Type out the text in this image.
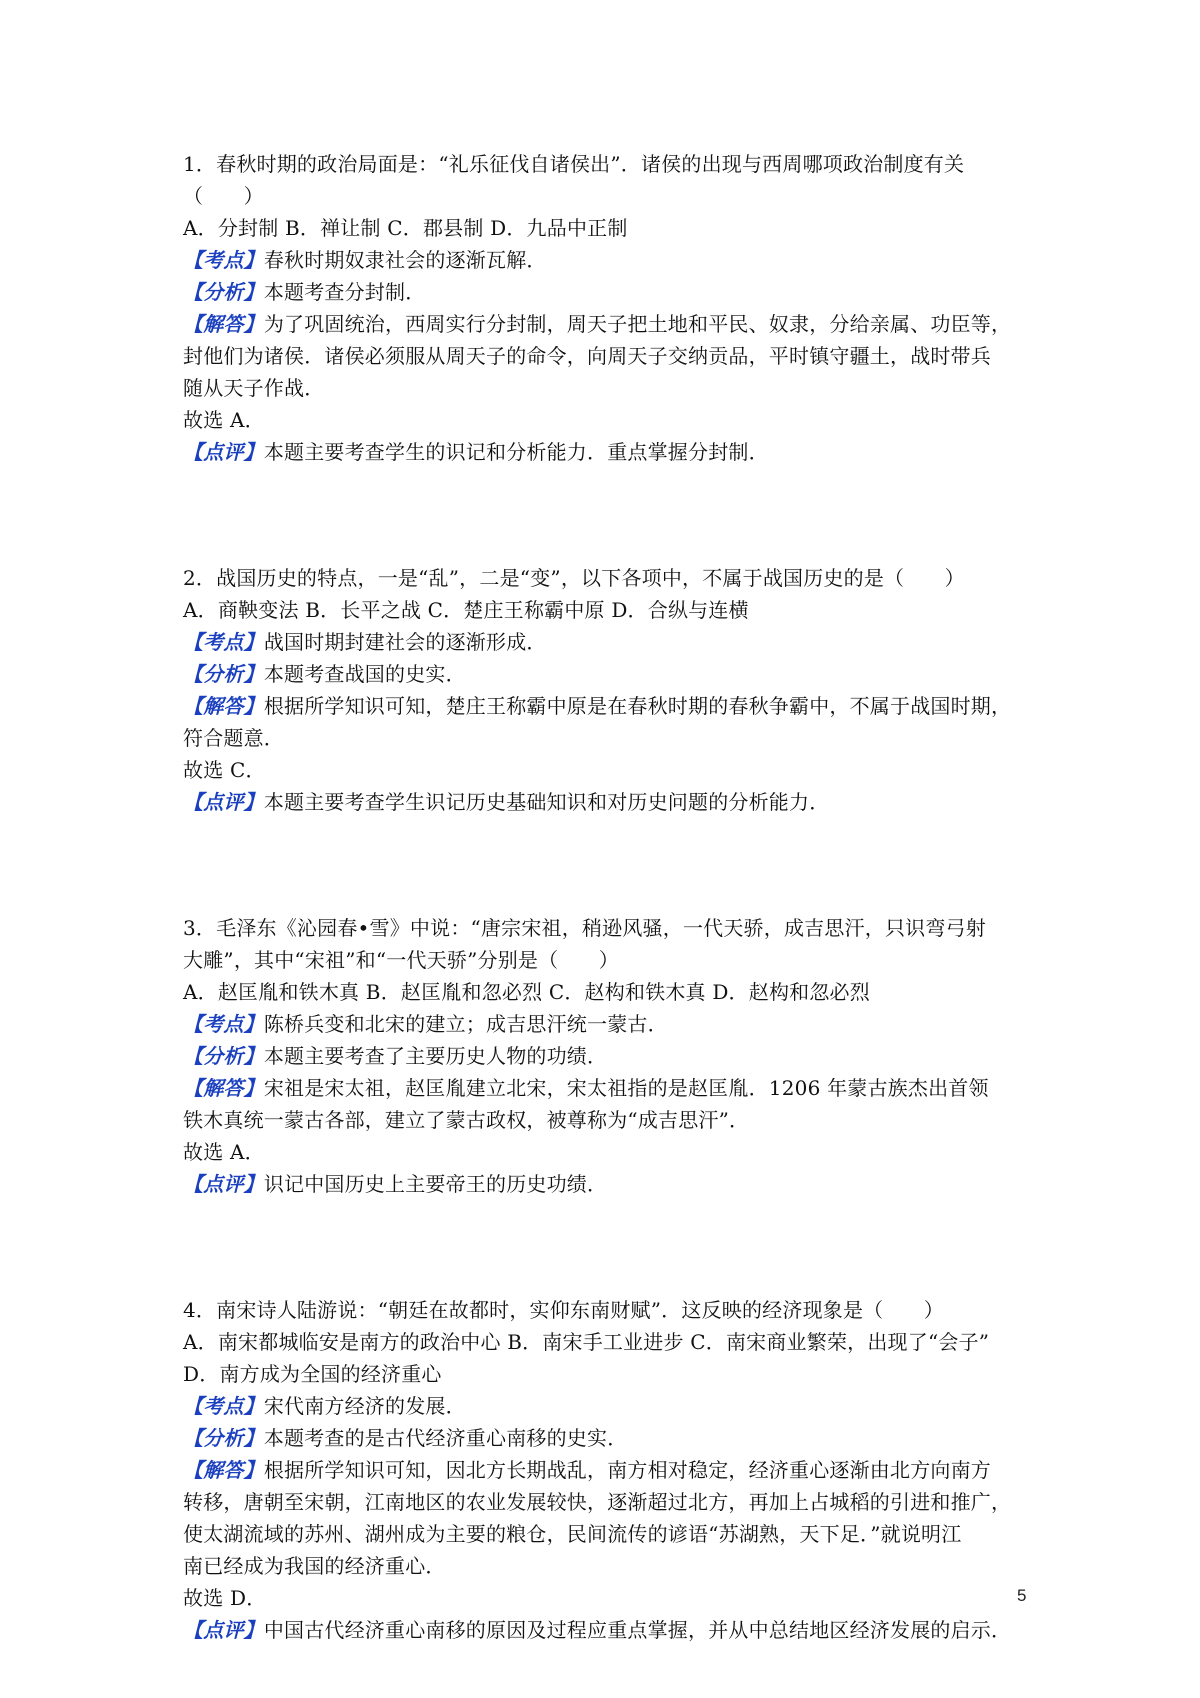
1．春秋时期的政治局面是：“礼乐征伐自诸侯出”．诸侯的出现与西周哪项政治制度有关
（　　）
A．分封制 B．禅让制 C．郡县制 D．九品中正制
【考点】春秋时期奴隶社会的逐渐瓦解．
【分析】本题考查分封制．
【解答】为了巩固统治，西周实行分封制，周天子把土地和平民、奴隶，分给亲属、功臣等，
封他们为诸侯．诸侯必须服从周天子的命令，向周天子交纳贡品，平时镇守疆土，战时带兵
随从天子作战．
故选 A．
【点评】本题主要考查学生的识记和分析能力．重点掌握分封制．
2．战国历史的特点，一是“乱”，二是“变”，以下各项中，不属于战国历史的是（　　）
A．商鞅变法 B．长平之战 C．楚庄王称霸中原 D．合纵与连横
【考点】战国时期封建社会的逐渐形成．
【分析】本题考查战国的史实．
【解答】根据所学知识可知，楚庄王称霸中原是在春秋时期的春秋争霸中，不属于战国时期，
符合题意．
故选 C．
【点评】本题主要考查学生识记历史基础知识和对历史问题的分析能力．
3．毛泽东《沁园春•雪》中说：“唐宗宋祖，稍逊风骚，一代天骄，成吉思汗，只识弯弓射
大雕”，其中“宋祖”和“一代天骄”分别是（　　）
A．赵匡胤和铁木真 B．赵匡胤和忽必烈 C．赵构和铁木真 D．赵构和忽必烈
【考点】陈桥兵变和北宋的建立；成吉思汗统一蒙古．
【分析】本题主要考查了主要历史人物的功绩．
【解答】宋祖是宋太祖，赵匡胤建立北宋，宋太祖指的是赵匡胤．1206 年蒙古族杰出首领
铁木真统一蒙古各部，建立了蒙古政权，被尊称为“成吉思汗”．
故选 A．
【点评】识记中国历史上主要帝王的历史功绩．
4．南宋诗人陆游说：“朝廷在故都时，实仰东南财赋”．这反映的经济现象是（　　）
A．南宋都城临安是南方的政治中心 B．南宋手工业进步 C．南宋商业繁荣，出现了“会子”
D．南方成为全国的经济重心
【考点】宋代南方经济的发展．
【分析】本题考查的是古代经济重心南移的史实．
【解答】根据所学知识可知，因北方长期战乱，南方相对稳定，经济重心逐渐由北方向南方
转移，唐朝至宋朝，江南地区的农业发展较快，逐渐超过北方，再加上占城稻的引进和推广，
使太湖流域的苏州、湖州成为主要的粮仓，民间流传的谚语“苏湖熟，天下足．”就说明江
南已经成为我国的经济重心．
故选 D．
【点评】中国古代经济重心南移的原因及过程应重点掌握，并从中总结地区经济发展的启示．
5
